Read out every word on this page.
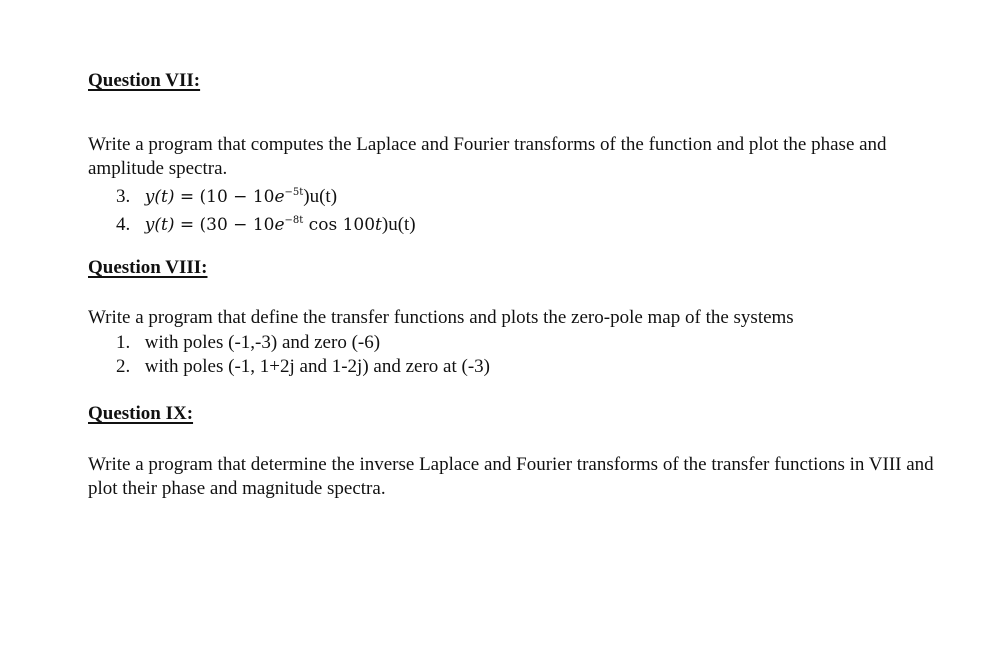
Question VII:
Write a program that computes the Laplace and Fourier transforms of the function and plot the phase and amplitude spectra.
3. $y(t) = (10 - 10e^{-5t})u(t)$
4. $y(t) = (30 - 10e^{-8t}$ cos 100t)u(t)
Question VIII:
Write a program that define the transfer functions and plots the zero-pole map of the systems
1. with poles (-1,-3) and zero (-6)
2. with poles (-1, 1+2j and 1-2j) and zero at (-3)
Question IX:
Write a program that determine the inverse Laplace and Fourier transforms of the transfer functions in VIII and plot their phase and magnitude spectra.
